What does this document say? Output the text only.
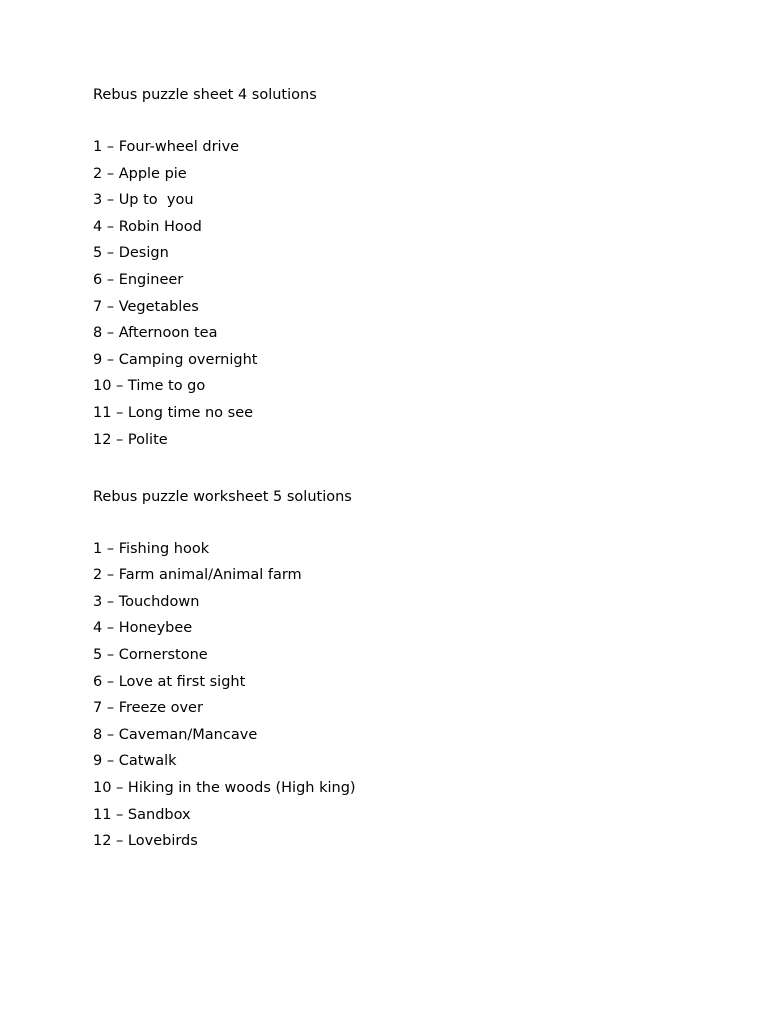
Rebus puzzle sheet 4 solutions
1 – Four-wheel drive
2 – Apple pie
3 – Up to  you
4 – Robin Hood
5 – Design
6 – Engineer
7 – Vegetables
8 – Afternoon tea
9 – Camping overnight
10 – Time to go
11 – Long time no see
12 – Polite
Rebus puzzle worksheet 5 solutions
1 – Fishing hook
2 – Farm animal/Animal farm
3 – Touchdown
4 – Honeybee
5 – Cornerstone
6 – Love at first sight
7 – Freeze over
8 – Caveman/Mancave
9 – Catwalk
10 – Hiking in the woods (High king)
11 – Sandbox
12 – Lovebirds
